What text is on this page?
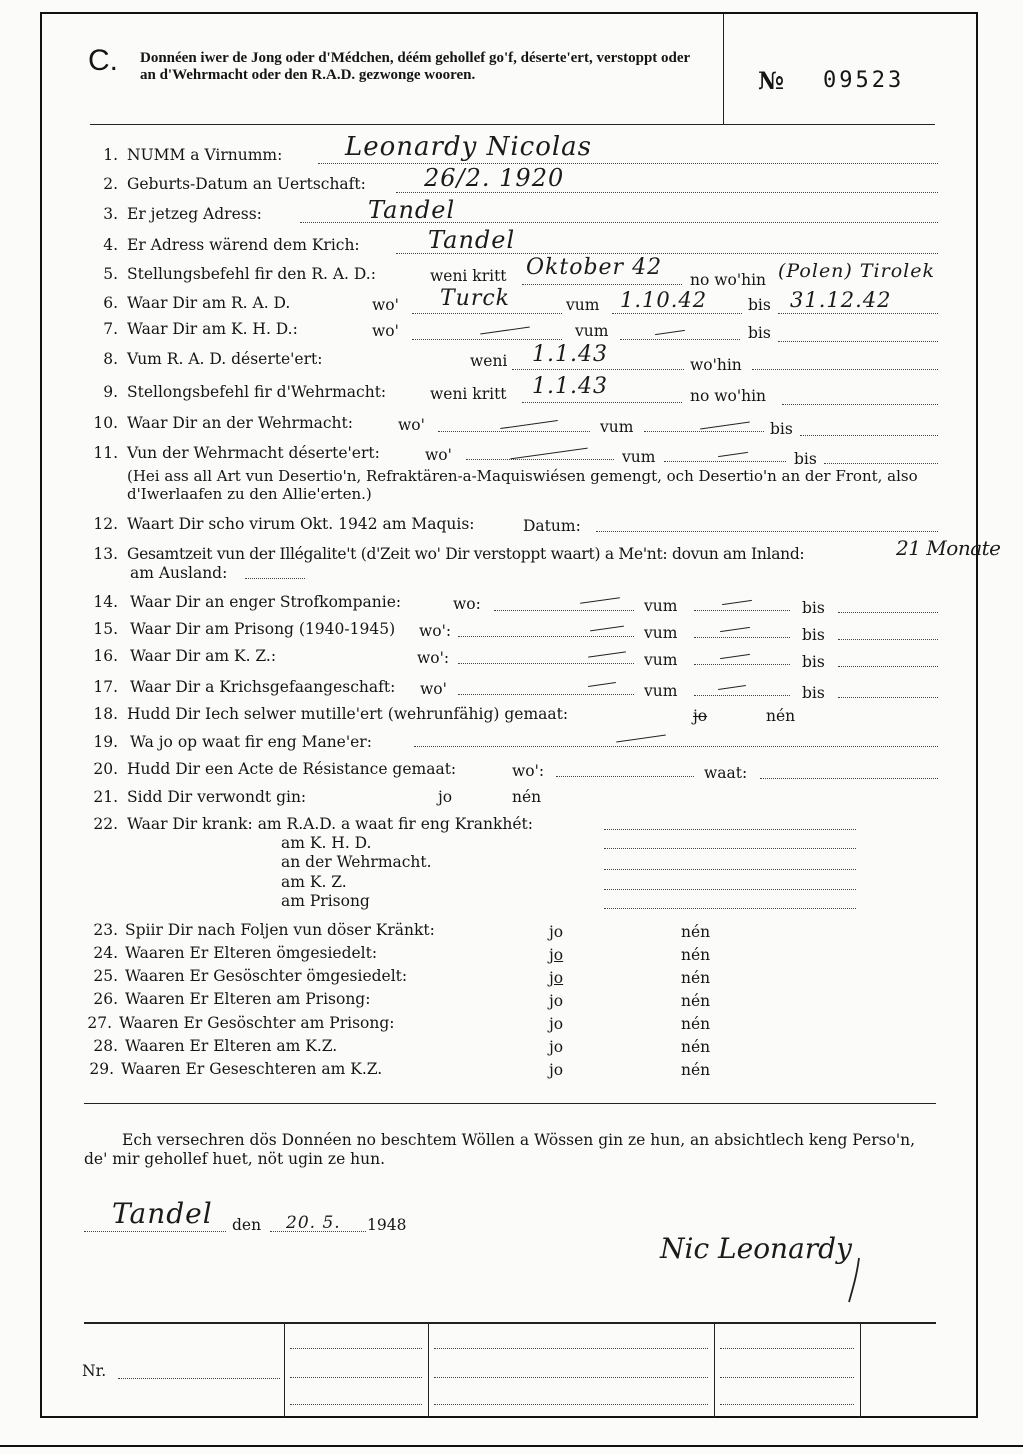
C. Donnéen iwer de Jong oder d'Médchen, déém gehollef go'f, déserte'ert, verstoppt oder an d'Wehrmacht oder den R.A.D. gezwonge wooren.	№ 09523
1. NUMM a Virnumm: Leonardy Nicolas
2. Geburts-Datum an Uertschaft: 26/2. 1920
3. Er jetzeg Adress:	Tandel
4. Er Adress wärend dem Krich:	Tandel
5. Stellungsbefehl fir den R. A. D.:	weni kritt Oktober 42 no wo'hin (Polen) Tirolek
6. Waar Dir am R. A. D.	wo' Turck	vum 1.10.42	bis 31.12.42
7. Waar Dir am K. H. D.:	wo'	vum	bis
8. Vum R. A. D. déserte'ert:	weni 1.1.43	wo'hin
9. Stellongsbefehl fir d'Wehrmacht:	weni kritt 1.1.43	no wo'hin
10. Waar Dir an der Wehrmacht:	wo'	vum	bis
11. Vun der Wehrmacht déserte'ert:	wo'	vum	bis
(Hei ass all Art vun Desertio'n, Refraktären-a-Maquiswiésen gemengt, och Desertio'n an der Front, also d'Iwerlaafen zu den Allie'erten.)
12. Waart Dir scho virum Okt. 1942 am Maquis:	Datum:
13. Gesamtzeit vun der Illégalite't (d'Zeit wo' Dir verstoppt waart) a Me'nt: dovun am Inland:	21 Monate
am Ausland:
14. Waar Dir an enger Strofkompanie:	wo:	vum	bis
15. Waar Dir am Prisong (1940-1945) wo':	vum	bis
16. Waar Dir am K. Z.:	wo':	vum	bis
17. Waar Dir a Krichsgefaangeschaft: wo'	vum	bis
18. Hudd Dir Iech selwer mutille'ert (wehrunfähig) gemaat:	jo	nén
19. Wa jo op waat fir eng Mane'er:
20. Hudd Dir een Acte de Résistance gemaat:	wo':	waat:
21. Sidd Dir verwondt gin:	jo	nén
22. Waar Dir krank: am R.A.D. a waat fir eng Krankhét:
am K. H. D.
an der Wehrmacht.
am K. Z.
am Prisong
23. Spiir Dir nach Foljen vun döser Kränkt:	jo	nén
24. Waaren Er Elteren ömgesiedelt:	jo	nén
25. Waaren Er Gesöschter ömgesiedelt:	jo	nén
26. Waaren Er Elteren am Prisong:	jo	nén
27. Waaren Er Gesöschter am Prisong:	jo	nén
28. Waaren Er Elteren am K.Z.	jo	nén
29. Waaren Er Geseschteren am K.Z.	jo	nén
Ech versechren dös Donnéen no beschtem Wöllen a Wössen gin ze hun, an absichtlech keng Perso'n, de' mir gehollef huet, nöt ugin ze hun.
Tandel den 20. 5. 1948
Nic Leonardy
Nr.
